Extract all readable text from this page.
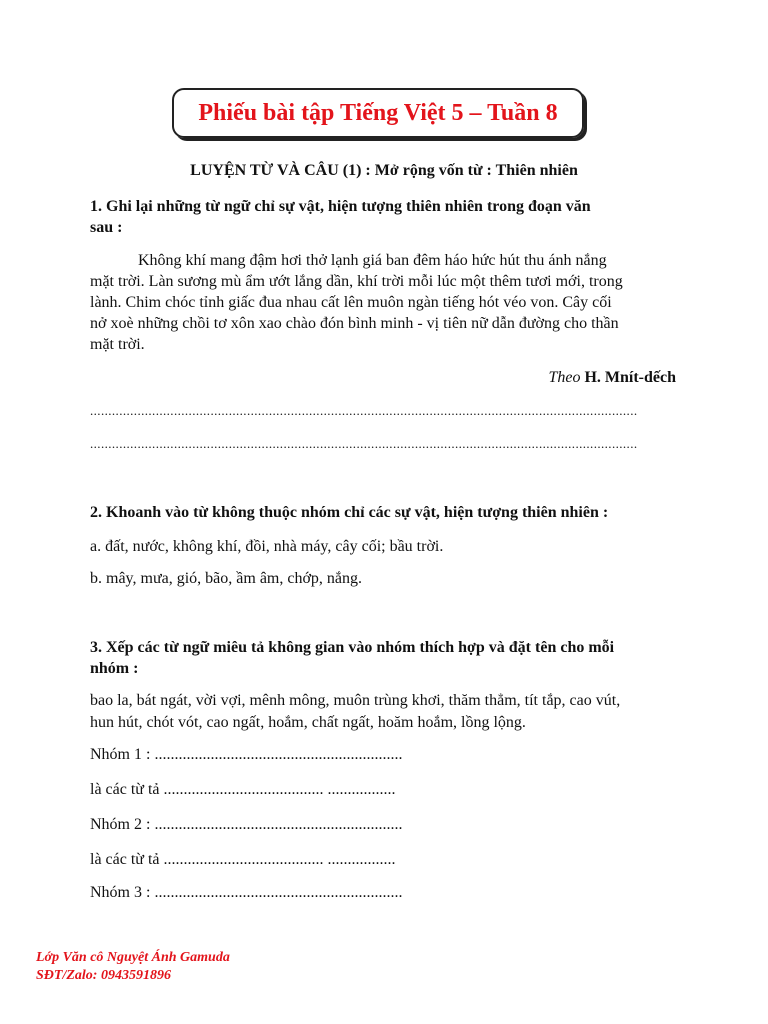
Phiếu bài tập Tiếng Việt 5 – Tuần 8
LUYỆN TỪ VÀ CÂU (1) : Mở rộng vốn từ : Thiên nhiên
1. Ghi lại những từ ngữ chỉ sự vật, hiện tượng thiên nhiên trong đoạn văn
sau :
Không khí mang đậm hơi thở lạnh giá ban đêm háo hức hút thu ánh nắng
mặt trời. Làn sương mù ẩm ướt lắng dần, khí trời mỗi lúc một thêm tươi mới, trong
lành. Chim chóc tỉnh giấc đua nhau cất lên muôn ngàn tiếng hót véo von. Cây cối
nở xoè những chồi tơ xôn xao chào đón bình minh - vị tiên nữ dẫn đường cho thần
mặt trời.
Theo H. Mnít-dếch
......................................................................................................................................................
......................................................................................................................................................
2. Khoanh vào từ không thuộc nhóm chỉ các sự vật, hiện tượng thiên nhiên :
a. đất, nước, không khí, đồi, nhà máy, cây cối; bầu trời.
b. mây, mưa, gió, bão, ầm âm, chớp, nắng.
3. Xếp các từ ngữ miêu tả không gian vào nhóm thích hợp và đặt tên cho mỗi
nhóm :
bao la, bát ngát, vời vợi, mênh mông, muôn trùng khơi, thăm thẳm, tít tắp, cao vút,
hun hút, chót vót, cao ngất, hoắm, chất ngất, hoăm hoắm, lồng lộng.
Nhóm 1 : ..............................................................
là các từ tả ........................................ .................
Nhóm 2 : ..............................................................
là các từ tả ........................................ .................
Nhóm 3 : ..............................................................
Lớp Văn cô Nguyệt Ánh Gamuda
SĐT/Zalo: 0943591896
